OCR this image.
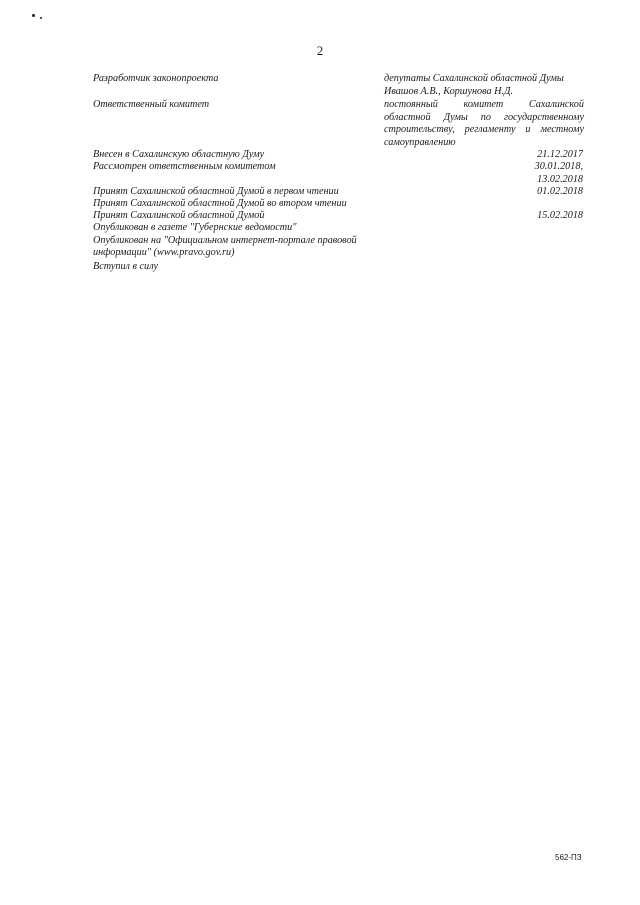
2
Разработчик законопроекта	депутаты Сахалинской областной Думы
Ивашов А.В., Коршунова Н.Д.
Ответственный комитет	постоянный комитет Сахалинской областной Думы по государственному строительству, регламенту и местному самоуправлению
Внесен в Сахалинскую областную Думу	21.12.2017
Рассмотрен ответственным комитетом	30.01.2018,
13.02.2018
Принят Сахалинской областной Думой в первом чтении	01.02.2018
Принят Сахалинской областной Думой во втором чтении
Принят Сахалинской областной Думой	15.02.2018
Опубликован в газете "Губернские ведомости"
Опубликован на "Официальном интернет-портале правовой
информации" (www.pravo.gov.ru)
Вступил в силу
562-ПЗ
